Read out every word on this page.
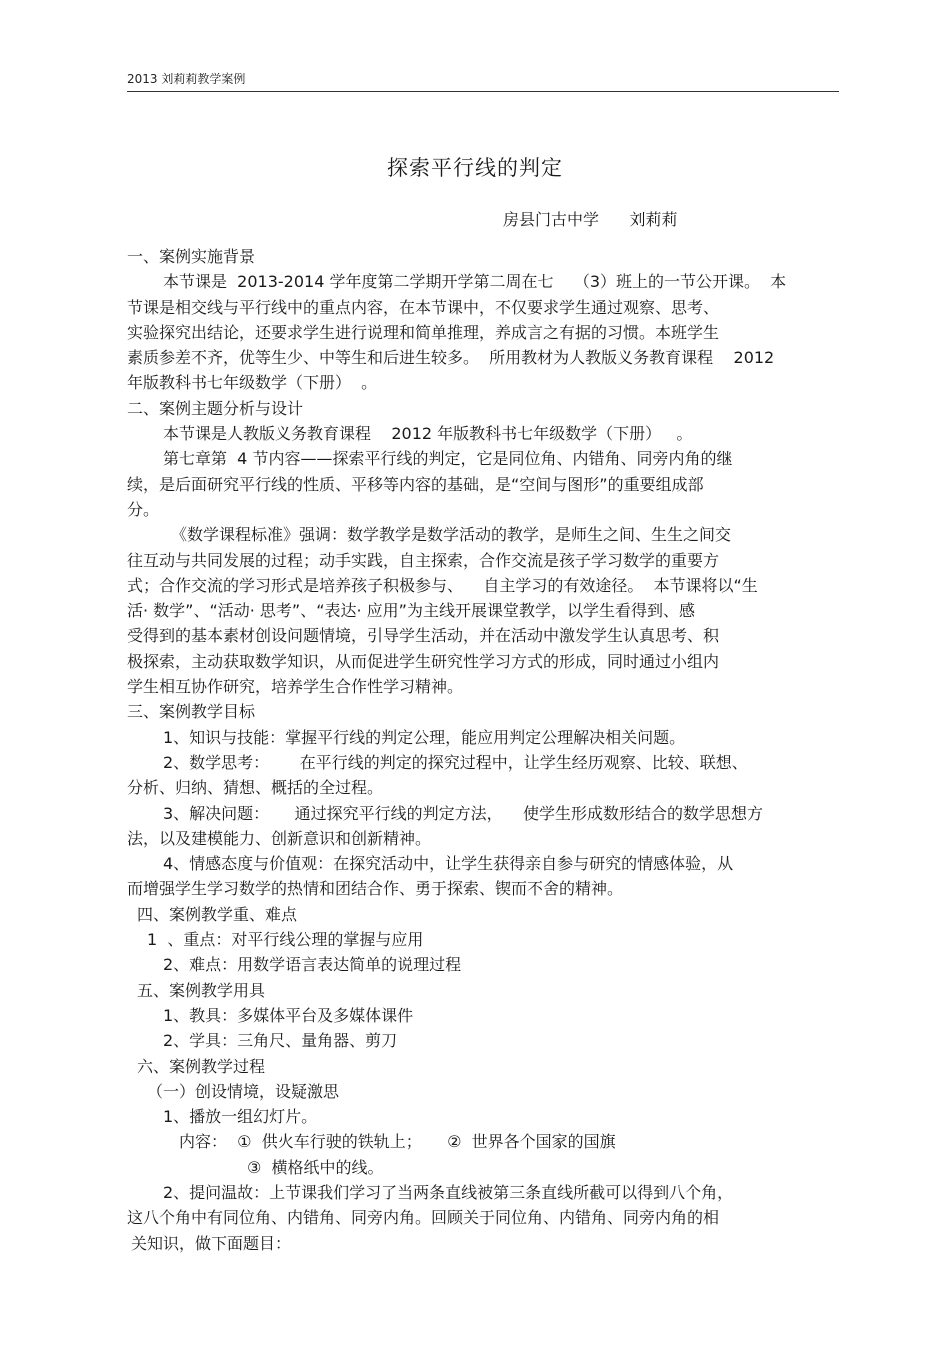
2013 刘莉莉教学案例
探索平行线的判定
房县门古中学      刘莉莉

一、案例实施背景

本节课是  2013-2014 学年度第二学期开学第二周在七    （3）班上的一节公开课。  本

节课是相交线与平行线中的重点内容，在本节课中，不仅要求学生通过观察、思考、

实验探究出结论，还要求学生进行说理和简单推理，养成言之有据的习惯。本班学生

素质参差不齐，优等生少、中等生和后进生较多。  所用教材为人教版义务教育课程    2012

年版教科书七年级数学（下册）  。

二、案例主题分析与设计

本节课是人教版义务教育课程    2012 年版教科书七年级数学（下册）   。

第七章第  4 节内容——探索平行线的判定，它是同位角、内错角、同旁内角的继

续，是后面研究平行线的性质、平移等内容的基础，是“空间与图形”的重要组成部

分。

《数学课程标准》强调：数学教学是数学活动的教学，是师生之间、生生之间交

往互动与共同发展的过程；动手实践，自主探索，合作交流是孩子学习数学的重要方

式；合作交流的学习形式是培养孩子积极参与、    自主学习的有效途径。  本节课将以“生

活· 数学”、“活动· 思考”、“表达· 应用”为主线开展课堂教学，以学生看得到、感

受得到的基本素材创设问题情境，引导学生活动，并在活动中激发学生认真思考、积

极探索，主动获取数学知识，从而促进学生研究性学习方式的形成，同时通过小组内

学生相互协作研究，培养学生合作性学习精神。

三、案例教学目标

1、知识与技能：掌握平行线的判定公理，能应用判定公理解决相关问题。

2、数学思考：      在平行线的判定的探究过程中，让学生经历观察、比较、联想、

分析、归纳、猜想、概括的全过程。

3、解决问题：     通过探究平行线的判定方法，    使学生形成数形结合的数学思想方

法，以及建模能力、创新意识和创新精神。

4、情感态度与价值观：在探究活动中，让学生获得亲自参与研究的情感体验，从

而增强学生学习数学的热情和团结合作、勇于探索、锲而不舍的精神。

四、案例教学重、难点

1  、重点：对平行线公理的掌握与应用

2、难点：用数学语言表达简单的说理过程

五、案例教学用具

1、教具：多媒体平台及多媒体课件

2、学具：三角尺、量角器、剪刀

六、案例教学过程

（一）创设情境，设疑激思

1、播放一组幻灯片。

内容：  ①  供火车行驶的铁轨上；     ②  世界各个国家的国旗

③  横格纸中的线。

2、提问温故：上节课我们学习了当两条直线被第三条直线所截可以得到八个角，

这八个角中有同位角、内错角、同旁内角。回顾关于同位角、内错角、同旁内角的相

关知识，做下面题目：
